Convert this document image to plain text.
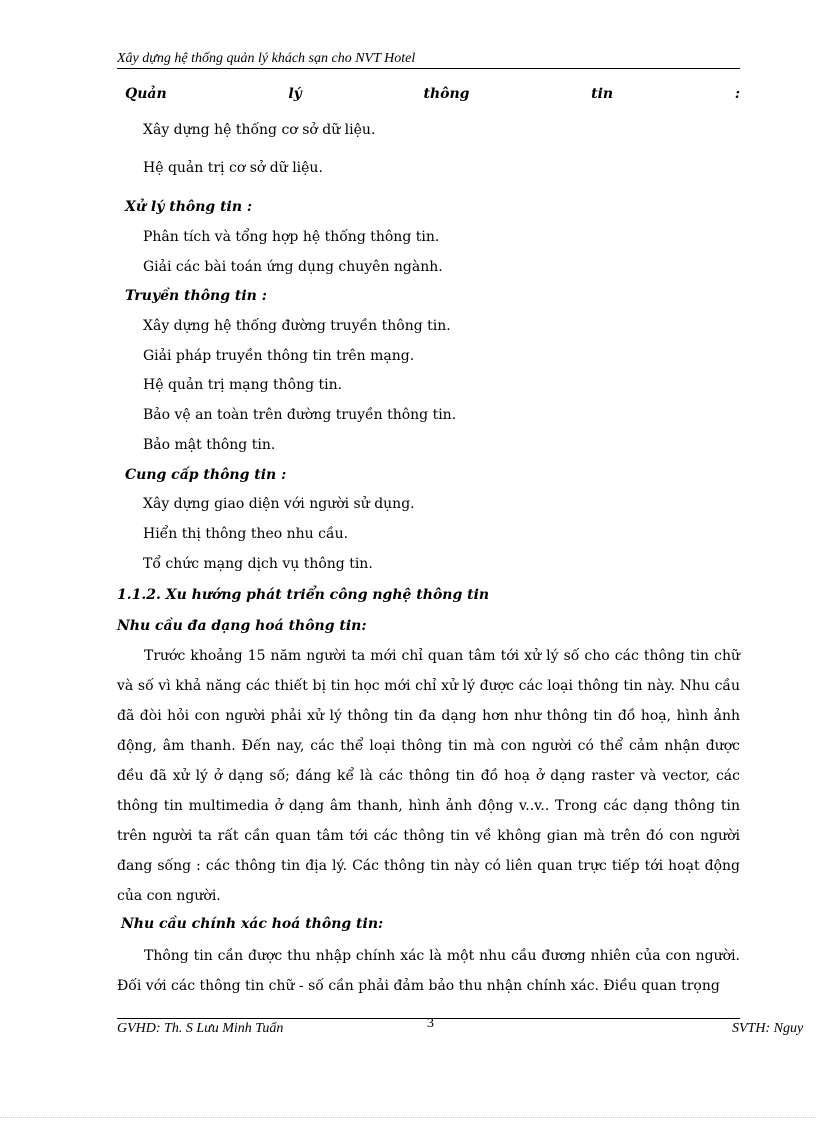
Xây dựng hệ thống quản lý khách sạn cho NVT Hotel
Quản	lý	thông	tin	:
Xây dựng hệ thống cơ sở dữ liệu.
Hệ quản trị cơ sở dữ liệu.
Xử lý thông tin :
Phân tích và tổng hợp hệ thống thông tin.
Giải các bài toán ứng dụng chuyên ngành.
Truyền thông tin :
Xây dựng hệ thống đường truyền thông tin.
Giải pháp truyền thông tin trên mạng.
Hệ quản trị mạng thông tin.
Bảo vệ an toàn trên đường truyền thông tin.
Bảo mật thông tin.
Cung cấp thông tin :
Xây dựng giao diện với người sử dụng.
Hiển thị thông theo nhu cầu.
Tổ chức mạng dịch vụ thông tin.
1.1.2. Xu hướng phát triển công nghệ thông tin
Nhu cầu đa dạng hoá thông tin:

Trước khoảng 15 năm người ta mới chỉ quan tâm tới xử lý số cho các thông tin chữ và số vì khả năng các thiết bị tin học mới chỉ xử lý được các loại thông tin này. Nhu cầu đã đòi hỏi con người phải xử lý thông tin đa dạng hơn như thông tin đồ hoạ, hình ảnh động, âm thanh. Đến nay, các thể loại thông tin mà con người có thể cảm nhận được đều đã xử lý ở dạng số; đáng kể là các thông tin đồ hoạ ở dạng raster và vector, các thông tin multimedia ở dạng âm thanh, hình ảnh động v..v.. Trong các dạng thông tin trên người ta rất cần quan tâm tới các thông tin về không gian mà trên đó con người đang sống : các thông tin địa lý. Các thông tin này có liên quan trực tiếp tới hoạt động của con người.

Nhu cầu chính xác hoá thông tin:

Thông tin cần được thu nhập chính xác là một nhu cầu đương nhiên của con người. Đối với các thông tin chữ - số cần phải đảm bảo thu nhận chính xác. Điều quan trọng

GVHD: Th. S Lưu Minh Tuấn	3	SVTH: Nguy
